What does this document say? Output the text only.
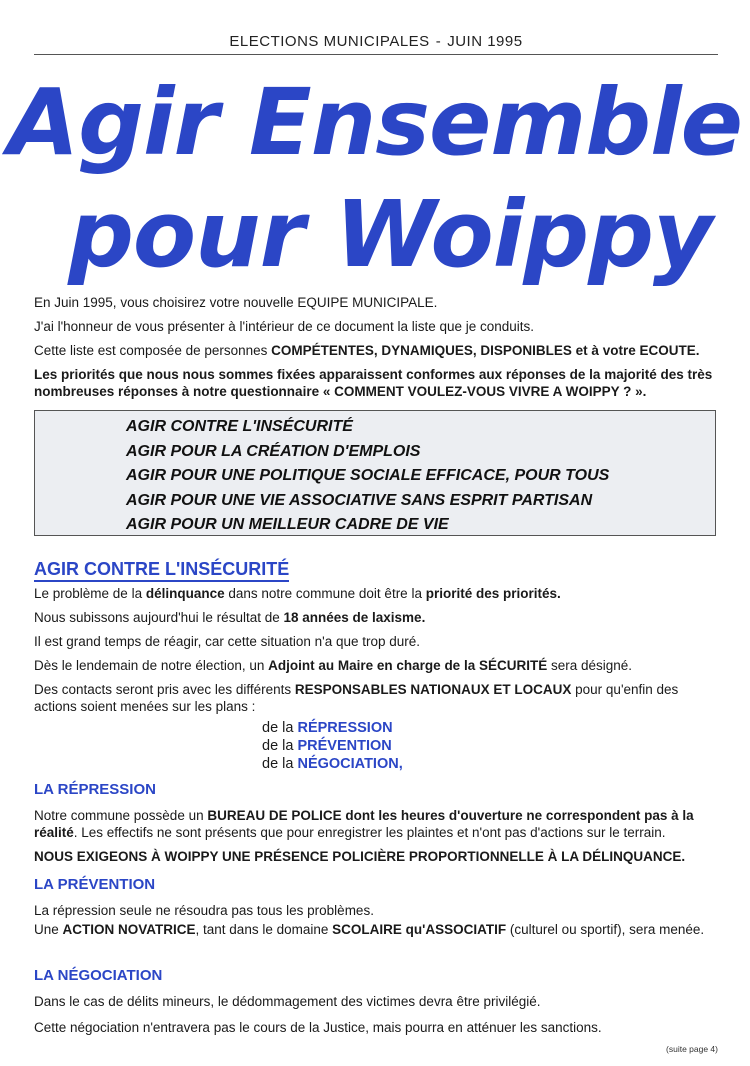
ELECTIONS MUNICIPALES - JUIN 1995
Agir Ensemble
pour Woippy

En Juin 1995, vous choisirez votre nouvelle EQUIPE MUNICIPALE.

J'ai l'honneur de vous présenter à l'intérieur de ce document la liste que je conduits.

Cette liste est composée de personnes COMPÉTENTES, DYNAMIQUES, DISPONIBLES et à votre ECOUTE.

Les priorités que nous nous sommes fixées apparaissent conformes aux réponses de la majorité des très nombreuses réponses à notre questionnaire « COMMENT VOULEZ-VOUS VIVRE A WOIPPY ? ».

AGIR CONTRE L'INSÉCURITÉ
AGIR POUR LA CRÉATION D'EMPLOIS
AGIR POUR UNE POLITIQUE SOCIALE EFFICACE, POUR TOUS
AGIR POUR UNE VIE ASSOCIATIVE SANS ESPRIT PARTISAN
AGIR POUR UN MEILLEUR CADRE DE VIE
AGIR CONTRE L'INSÉCURITÉ

Le problème de la délinquance dans notre commune doit être la priorité des priorités.

Nous subissons aujourd'hui le résultat de 18 années de laxisme.

Il est grand temps de réagir, car cette situation n'a que trop duré.

Dès le lendemain de notre élection, un Adjoint au Maire en charge de la SÉCURITÉ sera désigné.

Des contacts seront pris avec les différents RESPONSABLES NATIONAUX ET LOCAUX pour qu'enfin des actions soient menées sur les plans :

de la RÉPRESSION
de la PRÉVENTION
de la NÉGOCIATION,
LA RÉPRESSION

Notre commune possède un BUREAU DE POLICE dont les heures d'ouverture ne correspondent pas à la réalité. Les effectifs ne sont présents que pour enregistrer les plaintes et n'ont pas d'actions sur le terrain.

NOUS EXIGEONS À WOIPPY UNE PRÉSENCE POLICIÈRE PROPORTIONNELLE À LA DÉLINQUANCE.

LA PRÉVENTION

La répression seule ne résoudra pas tous les problèmes.

Une ACTION NOVATRICE, tant dans le domaine SCOLAIRE qu'ASSOCIATIF (culturel ou sportif), sera menée.

LA NÉGOCIATION

Dans le cas de délits mineurs, le dédommagement des victimes devra être privilégié.

Cette négociation n'entravera pas le cours de la Justice, mais pourra en atténuer les sanctions.

(suite page 4)
